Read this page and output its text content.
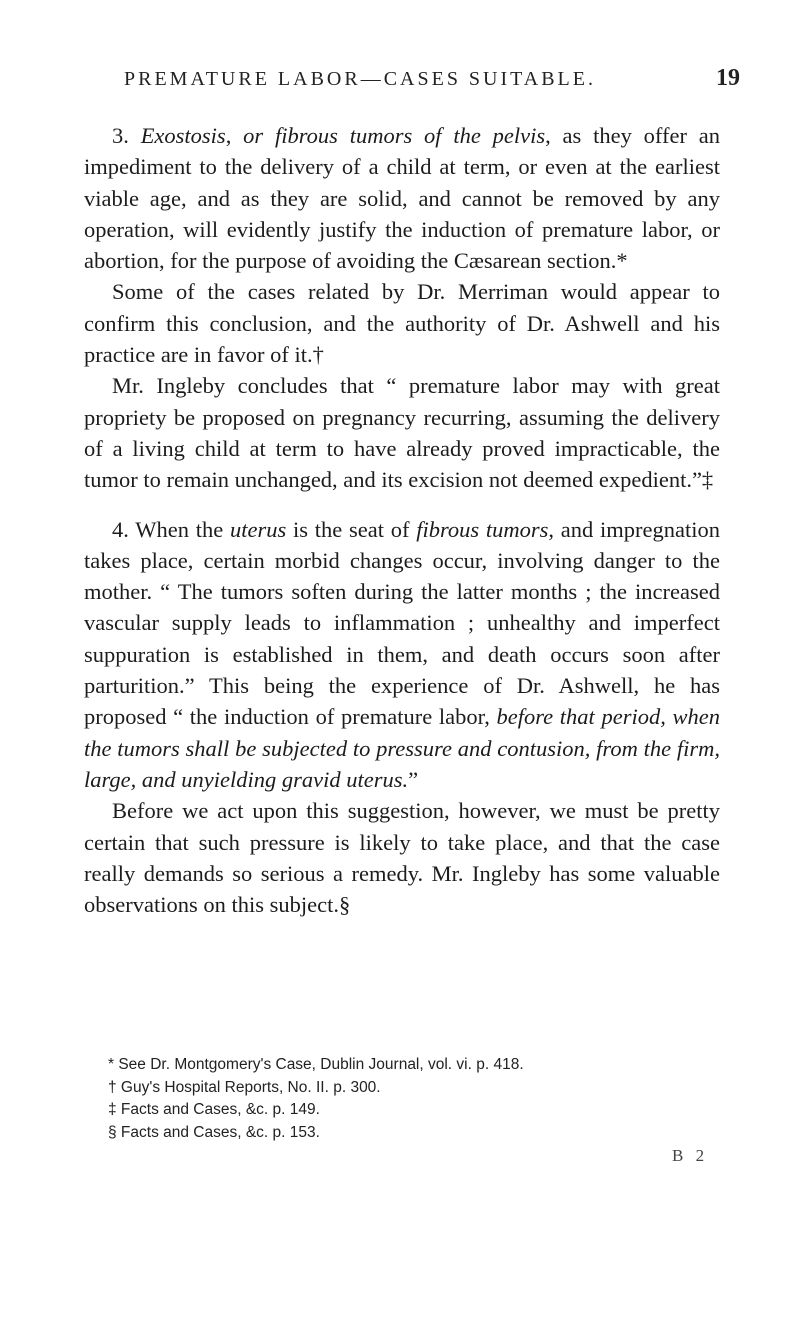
PREMATURE LABOR—CASES SUITABLE.	19

3. Exostosis, or fibrous tumors of the pelvis, as they offer an impediment to the delivery of a child at term, or even at the earliest viable age, and as they are solid, and cannot be removed by any operation, will evidently justify the induction of premature labor, or abortion, for the purpose of avoiding the Cæsarean section.*

Some of the cases related by Dr. Merriman would appear to confirm this conclusion, and the authority of Dr. Ashwell and his practice are in favor of it.†

Mr. Ingleby concludes that “ premature labor may with great propriety be proposed on pregnancy recurring, assuming the delivery of a living child at term to have already proved impracticable, the tumor to remain unchanged, and its excision not deemed expedient.”‡

4. When the uterus is the seat of fibrous tumors, and impregnation takes place, certain morbid changes occur, involving danger to the mother. “ The tumors soften during the latter months ; the increased vascular supply leads to inflammation ; unhealthy and imperfect suppuration is established in them, and death occurs soon after parturition.” This being the experience of Dr. Ashwell, he has proposed “ the induction of premature labor, before that period, when the tumors shall be subjected to pressure and contusion, from the firm, large, and unyielding gravid uterus.”

Before we act upon this suggestion, however, we must be pretty certain that such pressure is likely to take place, and that the case really demands so serious a remedy. Mr. Ingleby has some valuable observations on this subject.§

* See Dr. Montgomery's Case, Dublin Journal, vol. vi. p. 418.

† Guy's Hospital Reports, No. II. p. 300.

‡ Facts and Cases, &c. p. 149.

§ Facts and Cases, &c. p. 153.

B 2
